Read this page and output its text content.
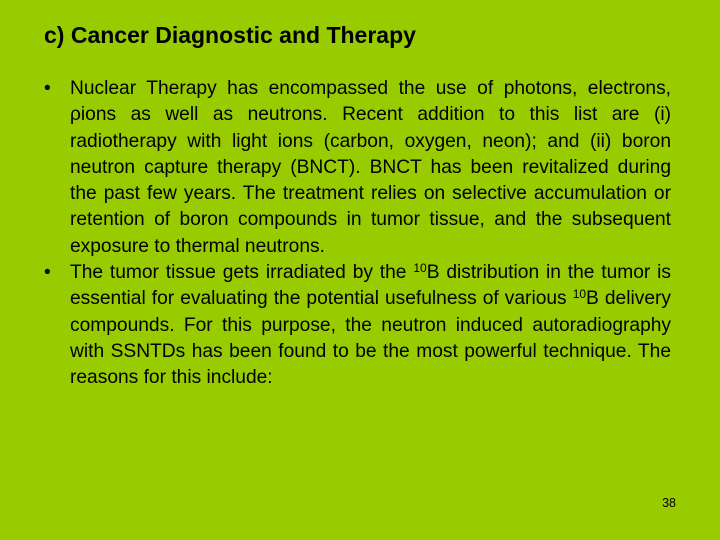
c) Cancer Diagnostic and Therapy
• Nuclear Therapy has encompassed the use of photons, electrons, ρions as well as neutrons. Recent addition to this list are (i) radiotherapy with light ions (carbon, oxygen, neon); and (ii) boron neutron capture therapy (BNCT). BNCT has been revitalized during the past few years. The treatment relies on selective accumulation or retention of boron compounds in tumor tissue, and the subsequent exposure to thermal neutrons.
• The tumor tissue gets irradiated by the $^{10}$B distribution in the tumor is essential for evaluating the potential usefulness of various $^{10}$B delivery compounds. For this purpose, the neutron induced autoradiography with SSNTDs has been found to be the most powerful technique. The reasons for this include:
38
